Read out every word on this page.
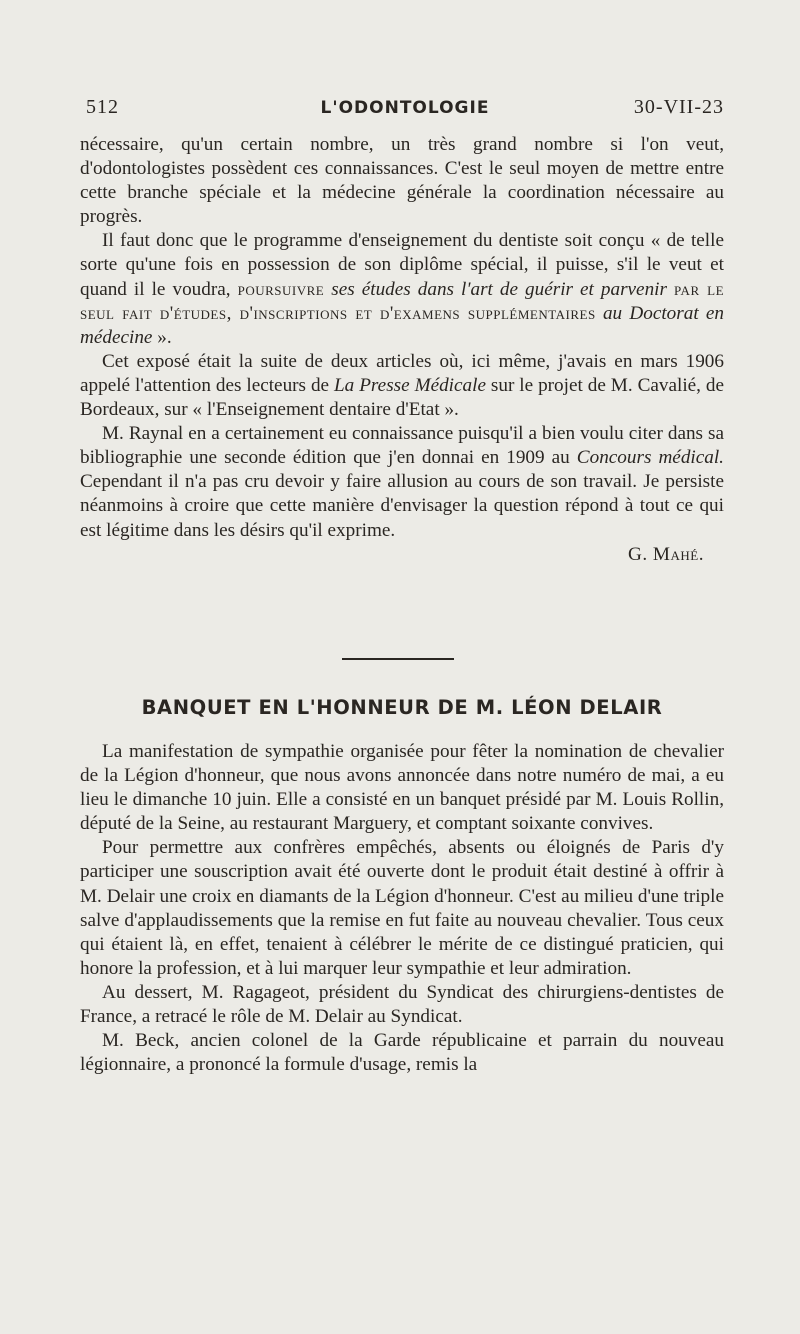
512	L'ODONTOLOGIE	30-VII-23

nécessaire, qu'un certain nombre, un très grand nombre si l'on veut, d'odontologistes possèdent ces connaissances. C'est le seul moyen de mettre entre cette branche spéciale et la médecine générale la coordination nécessaire au progrès.

Il faut donc que le programme d'enseignement du dentiste soit conçu « de telle sorte qu'une fois en possession de son diplôme spécial, il puisse, s'il le veut et quand il le voudra, poursuivre ses études dans l'art de guérir et parvenir par le seul fait d'études, d'inscriptions et d'examens supplémentaires au Doctorat en médecine ».

Cet exposé était la suite de deux articles où, ici même, j'avais en mars 1906 appelé l'attention des lecteurs de La Presse Médicale sur le projet de M. Cavalié, de Bordeaux, sur « l'Enseignement dentaire d'Etat ».

M. Raynal en a certainement eu connaissance puisqu'il a bien voulu citer dans sa bibliographie une seconde édition que j'en donnai en 1909 au Concours médical. Cependant il n'a pas cru devoir y faire allusion au cours de son travail. Je persiste néanmoins à croire que cette manière d'envisager la question répond à tout ce qui est légitime dans les désirs qu'il exprime.

G. Mahé.

BANQUET EN L'HONNEUR DE M. LÉON DELAIR

La manifestation de sympathie organisée pour fêter la nomination de chevalier de la Légion d'honneur, que nous avons annoncée dans notre numéro de mai, a eu lieu le dimanche 10 juin. Elle a consisté en un banquet présidé par M. Louis Rollin, député de la Seine, au restaurant Marguery, et comptant soixante convives.

Pour permettre aux confrères empêchés, absents ou éloignés de Paris d'y participer une souscription avait été ouverte dont le produit était destiné à offrir à M. Delair une croix en diamants de la Légion d'honneur. C'est au milieu d'une triple salve d'applaudissements que la remise en fut faite au nouveau chevalier. Tous ceux qui étaient là, en effet, tenaient à célébrer le mérite de ce distingué praticien, qui honore la profession, et à lui marquer leur sympathie et leur admiration.

Au dessert, M. Ragageot, président du Syndicat des chirurgiens-dentistes de France, a retracé le rôle de M. Delair au Syndicat.

M. Beck, ancien colonel de la Garde républicaine et parrain du nouveau légionnaire, a prononcé la formule d'usage, remis la
